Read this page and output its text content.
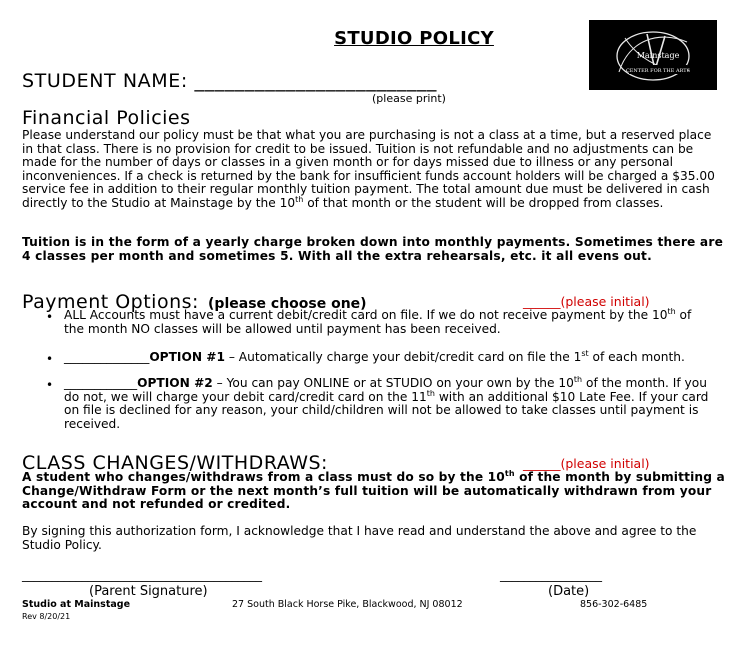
STUDIO POLICY
Mainstage
CENTER FOR THE ARTS
STUDENT NAME: ________________________
(please print)
Financial Policies
Please understand our policy must be that what you are purchasing is not a class at a time, but a reserved place in that class. There is no provision for credit to be issued. Tuition is not refundable and no adjustments can be made for the number of days or classes in a given month or for days missed due to illness or any personal inconveniences. If a check is returned by the bank for insufficient funds account holders will be charged a $35.00 service fee in addition to their regular monthly tuition payment. The total amount due must be delivered in cash directly to the Studio at Mainstage by the 10th of that month or the student will be dropped from classes.
Tuition is in the form of a yearly charge broken down into monthly payments. Sometimes there are 4 classes per month and sometimes 5. With all the extra rehearsals, etc. it all evens out.
Payment Options: (please choose one)	______(please initial)
• ALL Accounts must have a current debit/credit card on file. If we do not receive payment by the 10th of the month NO classes will be allowed until payment has been received.
• ______________OPTION #1 – Automatically charge your debit/credit card on file the 1st of each month.
• ____________OPTION #2 – You can pay ONLINE or at STUDIO on your own by the 10th of the month. If you do not, we will charge your debit card/credit card on the 11th with an additional $10 Late Fee. If your card on file is declined for any reason, your child/children will not be allowed to take classes until payment is received.
CLASS CHANGES/WITHDRAWS:	______(please initial)
A student who changes/withdraws from a class must do so by the 10th of the month by submitting a Change/Withdraw Form or the next month’s full tuition will be automatically withdrawn from your account and not refunded or credited.
By signing this authorization form, I acknowledge that I have read and understand the above and agree to the Studio Policy.
________________________________________	_________________
(Parent Signature)	(Date)
Studio at Mainstage	27 South Black Horse Pike, Blackwood, NJ 08012	856-302-6485
Rev 8/20/21
